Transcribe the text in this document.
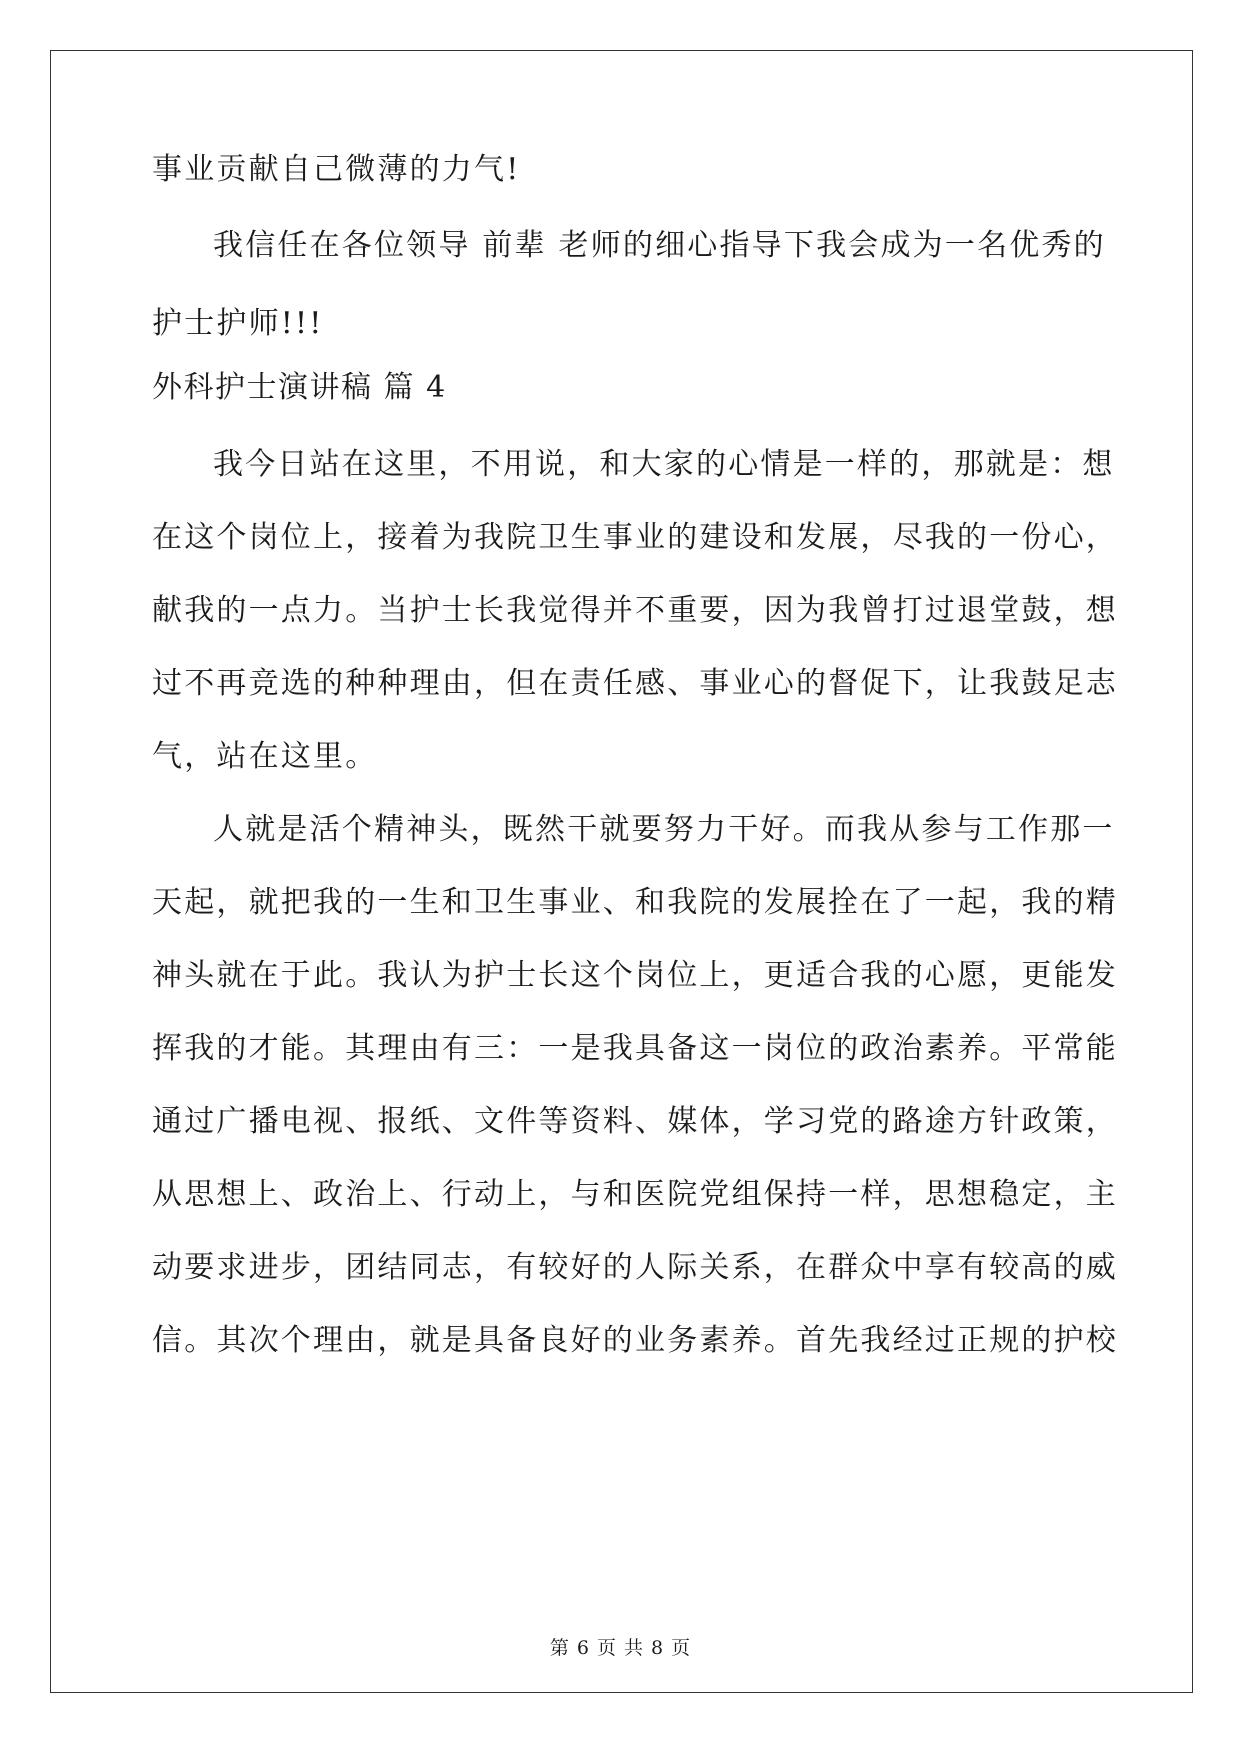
事业贡献自己微薄的力气!
我信任在各位领导 前辈 老师的细心指导下我会成为一名优秀的
护士护师!!!
外科护士演讲稿 篇 4
我今日站在这里，不用说，和大家的心情是一样的，那就是：想
在这个岗位上，接着为我院卫生事业的建设和发展，尽我的一份心，
献我的一点力。当护士长我觉得并不重要，因为我曾打过退堂鼓，想
过不再竞选的种种理由，但在责任感、事业心的督促下，让我鼓足志
气，站在这里。
人就是活个精神头，既然干就要努力干好。而我从参与工作那一
天起，就把我的一生和卫生事业、和我院的发展拴在了一起，我的精
神头就在于此。我认为护士长这个岗位上，更适合我的心愿，更能发
挥我的才能。其理由有三：一是我具备这一岗位的政治素养。平常能
通过广播电视、报纸、文件等资料、媒体，学习党的路途方针政策，
从思想上、政治上、行动上，与和医院党组保持一样，思想稳定，主
动要求进步，团结同志，有较好的人际关系，在群众中享有较高的威
信。其次个理由，就是具备良好的业务素养。首先我经过正规的护校
第 6 页 共 8 页
